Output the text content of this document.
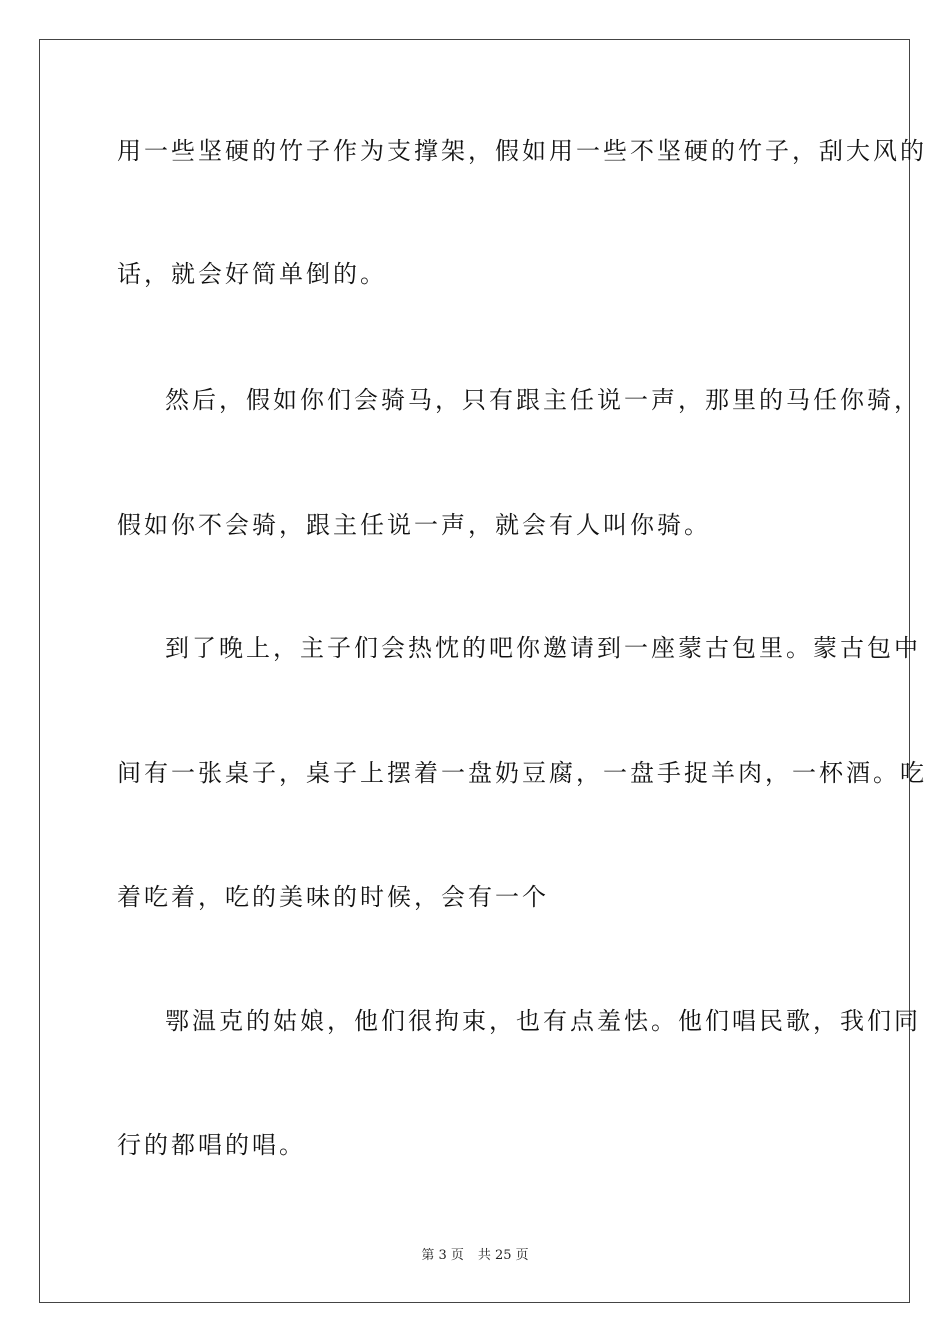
用一些坚硬的竹子作为支撑架，假如用一些不坚硬的竹子，刮大风的
话，就会好简单倒的。
然后，假如你们会骑马，只有跟主任说一声，那里的马任你骑，
假如你不会骑，跟主任说一声，就会有人叫你骑。
到了晚上，主子们会热忱的吧你邀请到一座蒙古包里。蒙古包中
间有一张桌子，桌子上摆着一盘奶豆腐，一盘手捉羊肉，一杯酒。吃
着吃着，吃的美味的时候，会有一个
鄂温克的姑娘，他们很拘束，也有点羞怯。他们唱民歌，我们同
行的都唱的唱。
第 3 页 共 25 页
